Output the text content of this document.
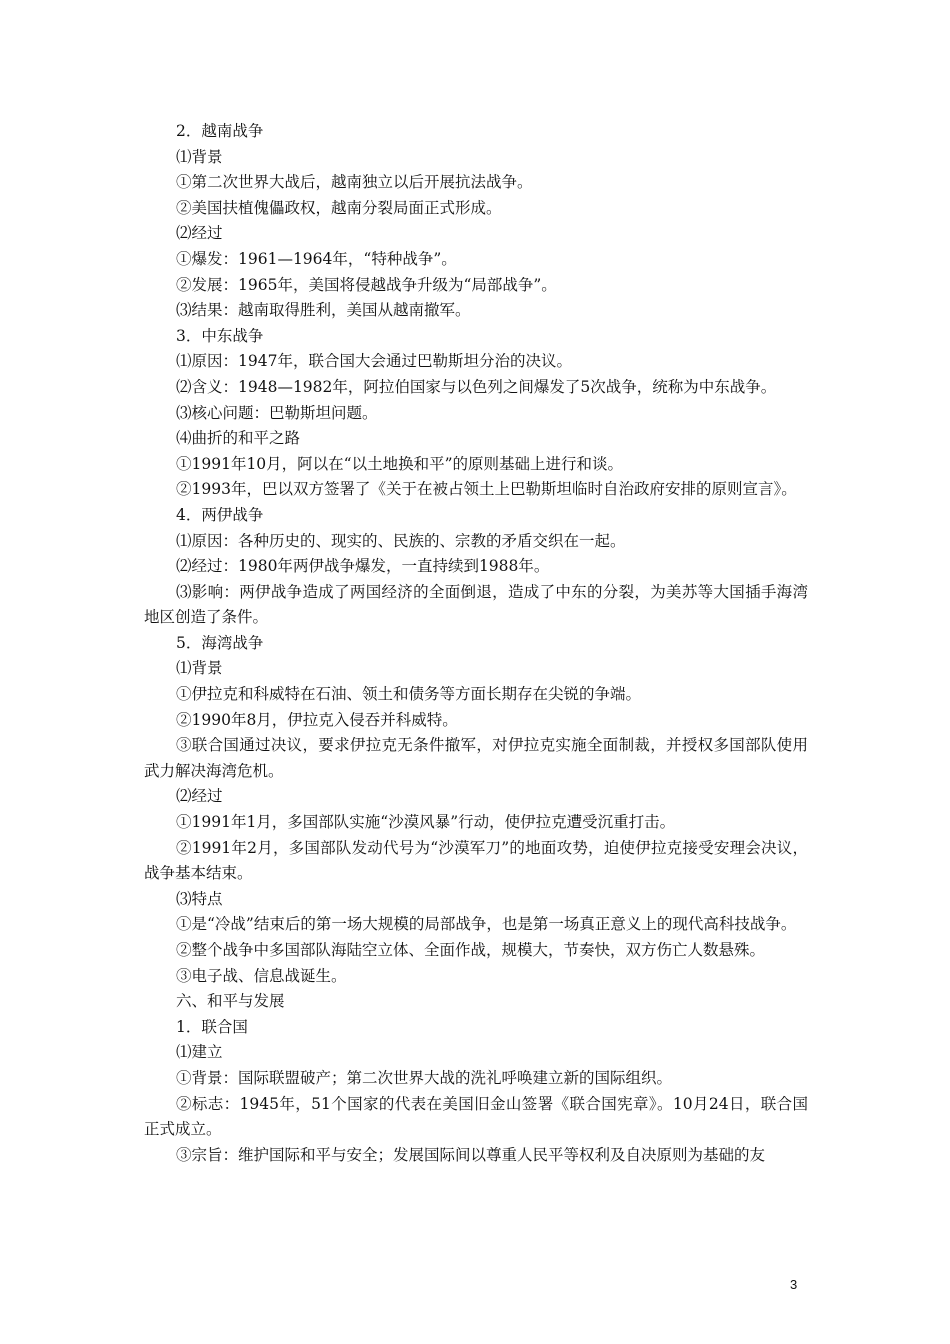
2．越南战争
⑴背景
①第二次世界大战后，越南独立以后开展抗法战争。
②美国扶植傀儡政权，越南分裂局面正式形成。
⑵经过
①爆发：1961—1964年，“特种战争”。
②发展：1965年，美国将侵越战争升级为“局部战争”。
⑶结果：越南取得胜利，美国从越南撤军。
3．中东战争
⑴原因：1947年，联合国大会通过巴勒斯坦分治的决议。
⑵含义：1948—1982年，阿拉伯国家与以色列之间爆发了5次战争，统称为中东战争。
⑶核心问题：巴勒斯坦问题。
⑷曲折的和平之路
①1991年10月，阿以在“以土地换和平”的原则基础上进行和谈。
②1993年，巴以双方签署了《关于在被占领土上巴勒斯坦临时自治政府安排的原则宣言》。
4．两伊战争
⑴原因：各种历史的、现实的、民族的、宗教的矛盾交织在一起。
⑵经过：1980年两伊战争爆发，一直持续到1988年。
⑶影响：两伊战争造成了两国经济的全面倒退，造成了中东的分裂，为美苏等大国插手海湾地区创造了条件。
5．海湾战争
⑴背景
①伊拉克和科威特在石油、领土和债务等方面长期存在尖锐的争端。
②1990年8月，伊拉克入侵吞并科威特。
③联合国通过决议，要求伊拉克无条件撤军，对伊拉克实施全面制裁，并授权多国部队使用武力解决海湾危机。
⑵经过
①1991年1月，多国部队实施“沙漠风暴”行动，使伊拉克遭受沉重打击。
②1991年2月，多国部队发动代号为“沙漠军刀”的地面攻势，迫使伊拉克接受安理会决议，战争基本结束。
⑶特点
①是“冷战”结束后的第一场大规模的局部战争，也是第一场真正意义上的现代高科技战争。
②整个战争中多国部队海陆空立体、全面作战，规模大，节奏快，双方伤亡人数悬殊。
③电子战、信息战诞生。
六、和平与发展
1．联合国
⑴建立
①背景：国际联盟破产；第二次世界大战的洗礼呼唤建立新的国际组织。
②标志：1945年，51个国家的代表在美国旧金山签署《联合国宪章》。10月24日，联合国正式成立。
③宗旨：维护国际和平与安全；发展国际间以尊重人民平等权利及自决原则为基础的友
3
